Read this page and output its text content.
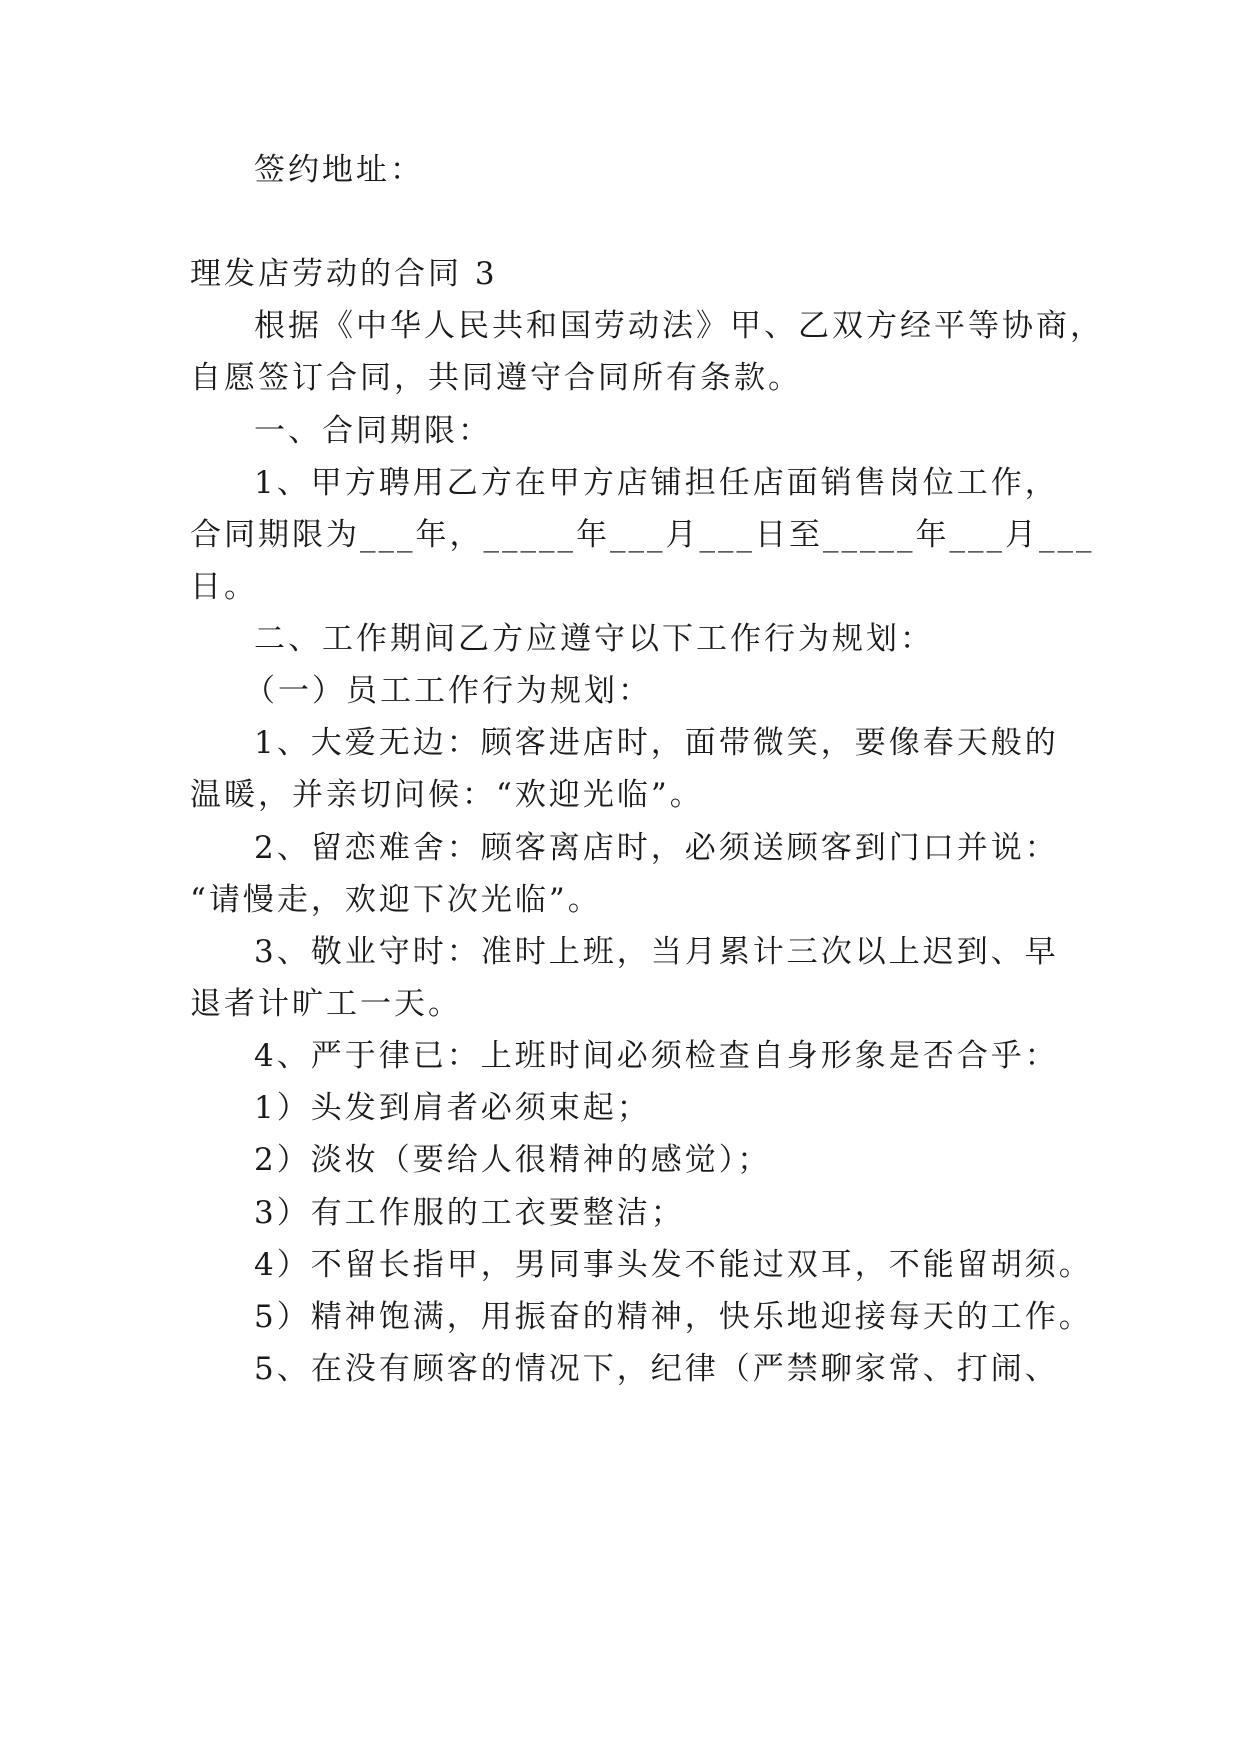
签约地址：
理发店劳动的合同 3
根据《中华人民共和国劳动法》甲、乙双方经平等协商，
自愿签订合同，共同遵守合同所有条款。
一、合同期限：
1、甲方聘用乙方在甲方店铺担任店面销售岗位工作，
合同期限为___年，_____年___月___日至_____年___月___
日。
二、工作期间乙方应遵守以下工作行为规划：
（一）员工工作行为规划：
1、大爱无边：顾客进店时，面带微笑，要像春天般的
温暖，并亲切问候：“欢迎光临”。
2、留恋难舍：顾客离店时，必须送顾客到门口并说：
“请慢走，欢迎下次光临”。
3、敬业守时：准时上班，当月累计三次以上迟到、早
退者计旷工一天。
4、严于律已：上班时间必须检查自身形象是否合乎：
1）头发到肩者必须束起；
2）淡妆（要给人很精神的感觉）；
3）有工作服的工衣要整洁；
4）不留长指甲，男同事头发不能过双耳，不能留胡须。
5）精神饱满，用振奋的精神，快乐地迎接每天的工作。
5、在没有顾客的情况下，纪律（严禁聊家常、打闹、
